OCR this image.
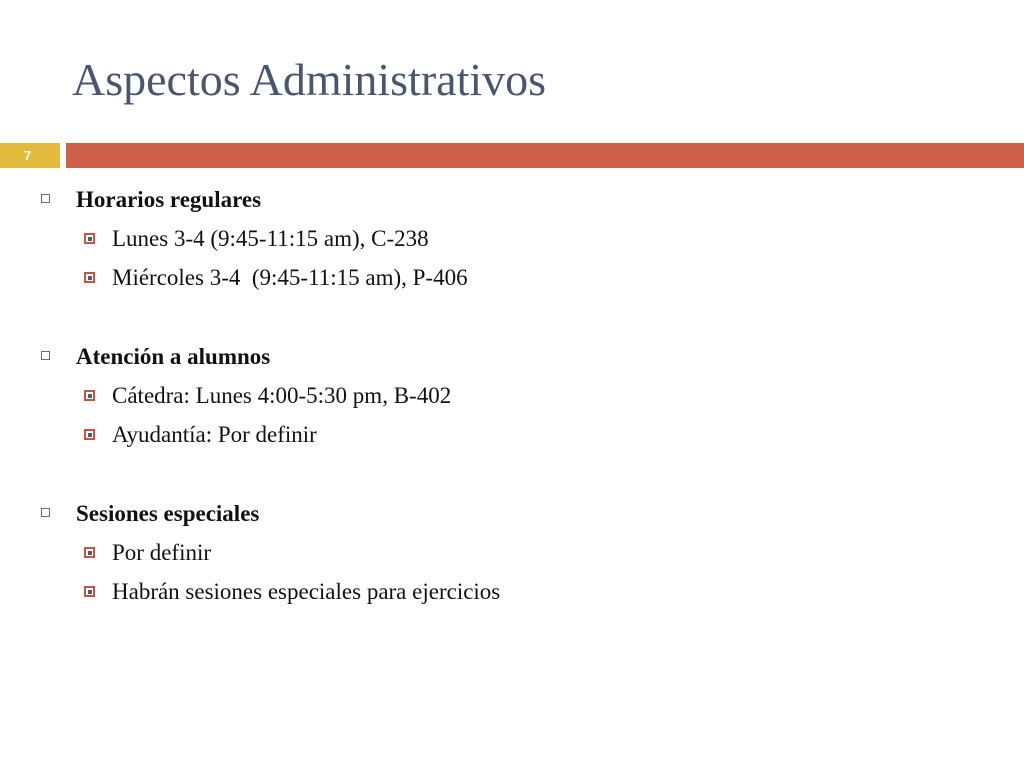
Aspectos Administrativos
7
Horarios regulares
Lunes 3-4 (9:45-11:15 am), C-238
Miércoles 3-4  (9:45-11:15 am), P-406
Atención a alumnos
Cátedra: Lunes 4:00-5:30 pm, B-402
Ayudantía: Por definir
Sesiones especiales
Por definir
Habrán sesiones especiales para ejercicios
